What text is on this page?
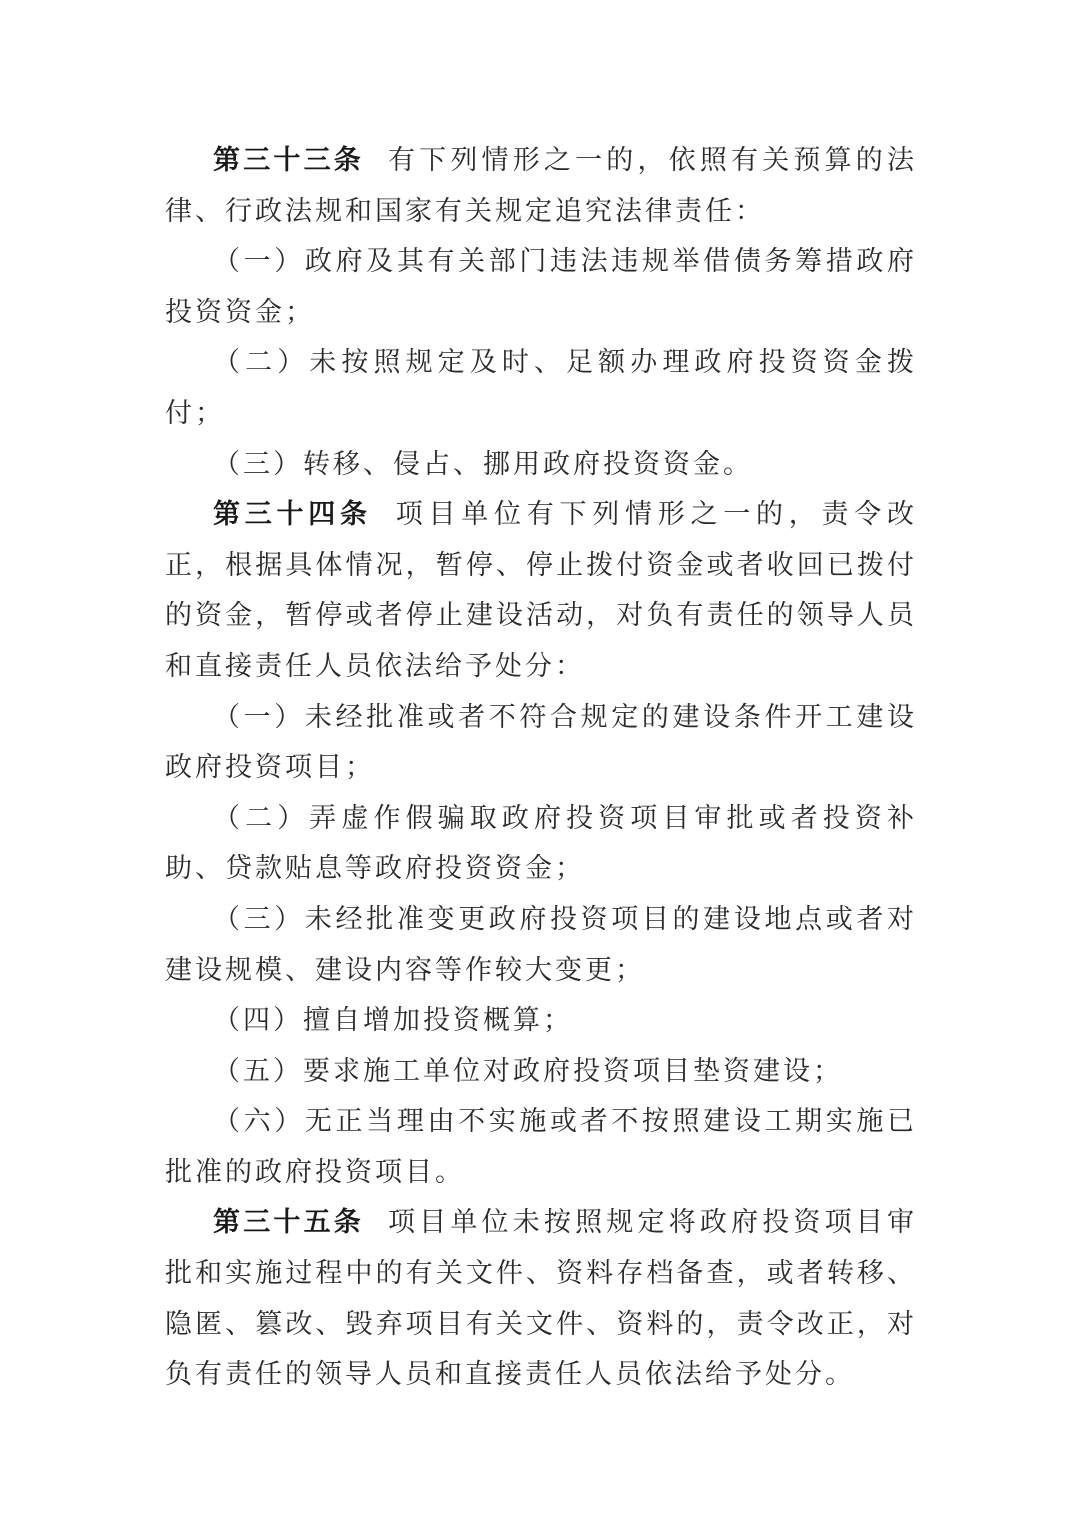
第三十三条 有下列情形之一的，依照有关预算的法律、行政法规和国家有关规定追究法律责任：

（一）政府及其有关部门违法违规举借债务筹措政府投资资金；

（二）未按照规定及时、足额办理政府投资资金拨付；

（三）转移、侵占、挪用政府投资资金。

第三十四条 项目单位有下列情形之一的，责令改正，根据具体情况，暂停、停止拨付资金或者收回已拨付的资金，暂停或者停止建设活动，对负有责任的领导人员和直接责任人员依法给予处分：

（一）未经批准或者不符合规定的建设条件开工建设政府投资项目；

（二）弄虚作假骗取政府投资项目审批或者投资补助、贷款贴息等政府投资资金；

（三）未经批准变更政府投资项目的建设地点或者对建设规模、建设内容等作较大变更；

（四）擅自增加投资概算；

（五）要求施工单位对政府投资项目垫资建设；

（六）无正当理由不实施或者不按照建设工期实施已批准的政府投资项目。

第三十五条 项目单位未按照规定将政府投资项目审批和实施过程中的有关文件、资料存档备查，或者转移、隐匿、篡改、毁弃项目有关文件、资料的，责令改正，对负有责任的领导人员和直接责任人员依法给予处分。
